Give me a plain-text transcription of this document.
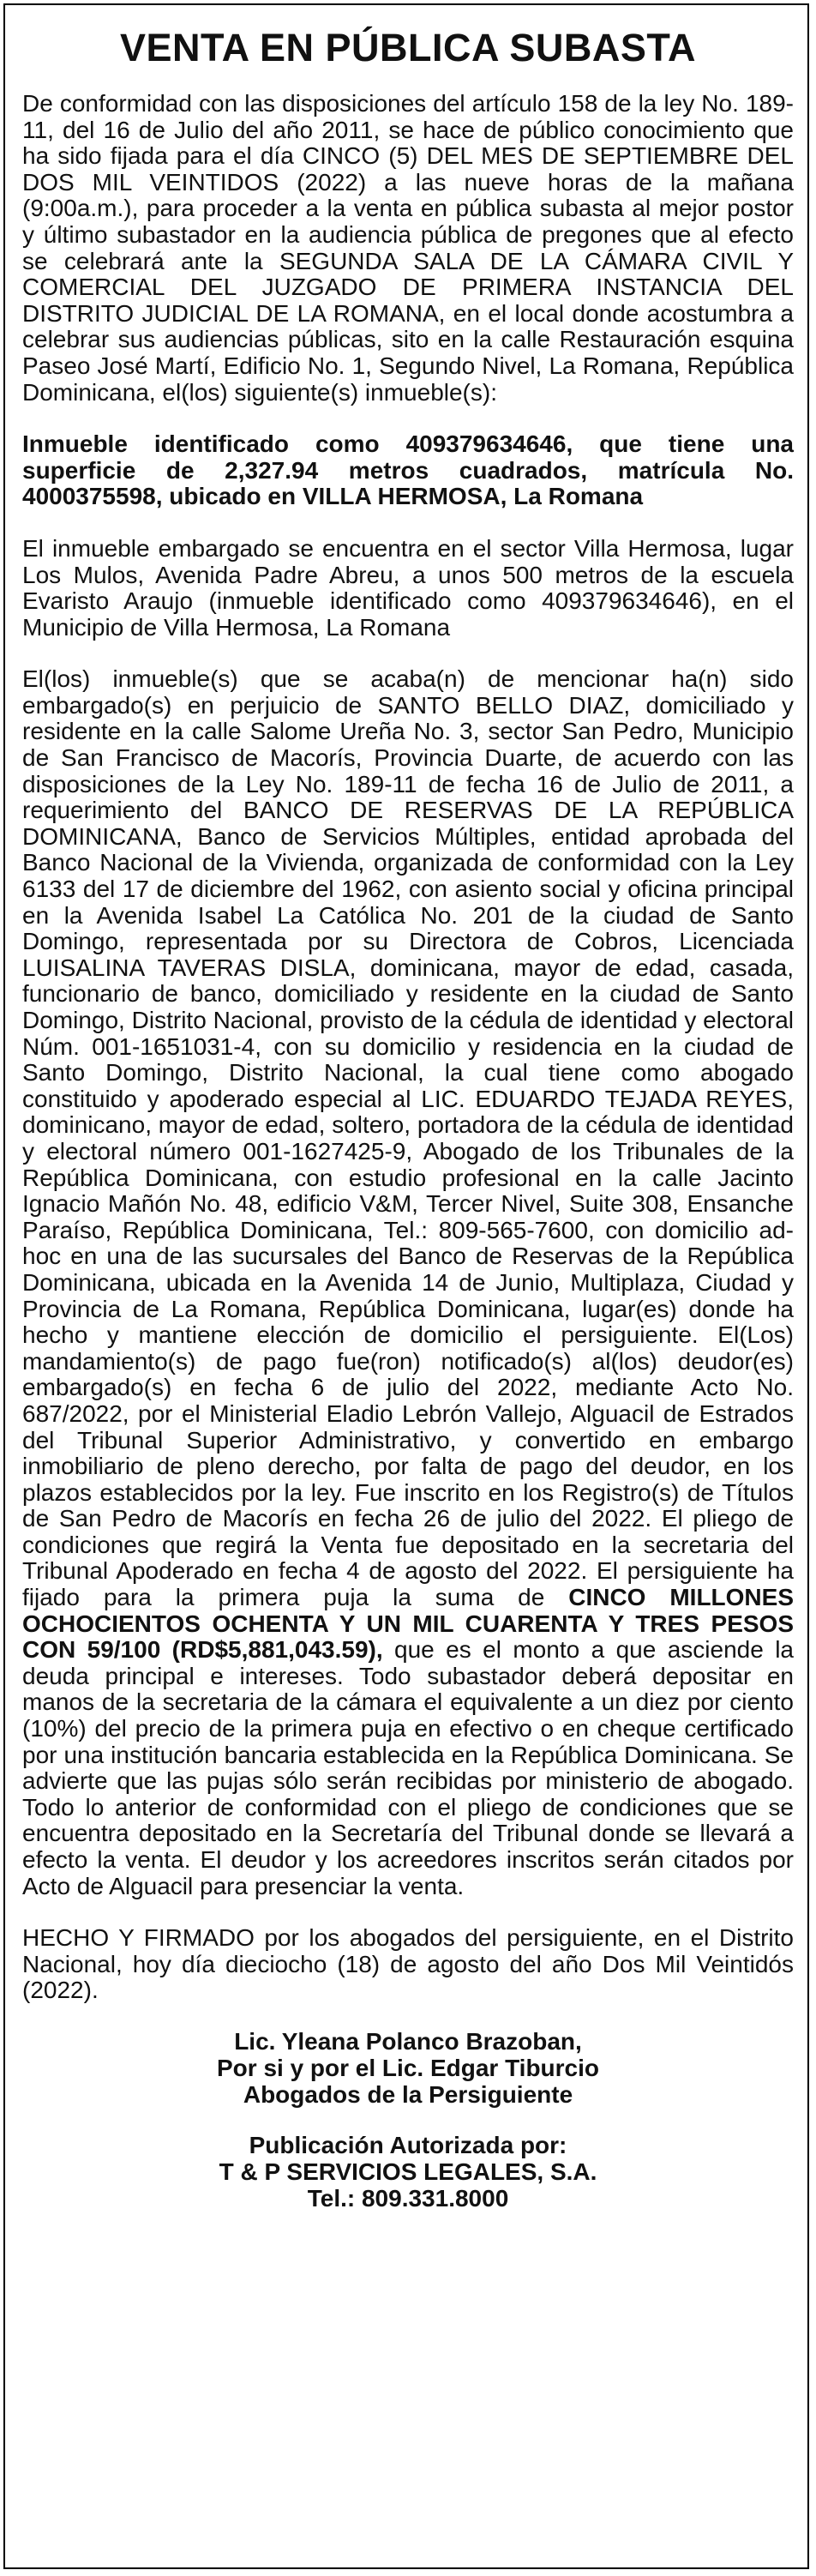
VENTA EN PÚBLICA SUBASTA

De conformidad con las disposiciones del artículo 158 de la ley No. 189-11, del 16 de Julio del año 2011, se hace de público conocimiento que ha sido fijada para el día CINCO (5) DEL MES DE SEPTIEMBRE DEL DOS MIL VEINTIDOS (2022) a las nueve horas de la mañana (9:00a.m.), para proceder a la venta en pública subasta al mejor postor y último subastador en la audiencia pública de pregones que al efecto se celebrará ante la SEGUNDA SALA DE LA CÁMARA CIVIL Y COMERCIAL DEL JUZGADO DE PRIMERA INSTANCIA DEL DISTRITO JUDICIAL DE LA ROMANA, en el local donde acostumbra a celebrar sus audiencias públicas, sito en la calle Restauración esquina Paseo José Martí, Edificio No. 1, Segundo Nivel, La Romana, República Dominicana, el(los) siguiente(s) inmueble(s):

Inmueble identificado como 409379634646, que tiene una superficie de 2,327.94 metros cuadrados, matrícula No. 4000375598, ubicado en VILLA HERMOSA, La Romana

El inmueble embargado se encuentra en el sector Villa Hermosa, lugar Los Mulos, Avenida Padre Abreu, a unos 500 metros de la escuela Evaristo Araujo (inmueble identificado como 409379634646), en el Municipio de Villa Hermosa, La Romana

El(los) inmueble(s) que se acaba(n) de mencionar ha(n) sido embargado(s) en perjuicio de SANTO BELLO DIAZ, domiciliado y residente en la calle Salome Ureña No. 3, sector San Pedro, Municipio de San Francisco de Macorís, Provincia Duarte, de acuerdo con las disposiciones de la Ley No. 189-11 de fecha 16 de Julio de 2011, a requerimiento del BANCO DE RESERVAS DE LA REPÚBLICA DOMINICANA, Banco de Servicios Múltiples, entidad aprobada del Banco Nacional de la Vivienda, organizada de conformidad con la Ley 6133 del 17 de diciembre del 1962, con asiento social y oficina principal en la Avenida Isabel La Católica No. 201 de la ciudad de Santo Domingo, representada por su Directora de Cobros, Licenciada LUISALINA TAVERAS DISLA, dominicana, mayor de edad, casada, funcionario de banco, domiciliado y residente en la ciudad de Santo Domingo, Distrito Nacional, provisto de la cédula de identidad y electoral Núm. 001-1651031-4, con su domicilio y residencia en la ciudad de Santo Domingo, Distrito Nacional, la cual tiene como abogado constituido y apoderado especial al LIC. EDUARDO TEJADA REYES, dominicano, mayor de edad, soltero, portadora de la cédula de identidad y electoral número 001-1627425-9, Abogado de los Tribunales de la República Dominicana, con estudio profesional en la calle Jacinto Ignacio Mañón No. 48, edificio V&M, Tercer Nivel, Suite 308, Ensanche Paraíso, República Dominicana, Tel.: 809-565-7600, con domicilio ad-hoc en una de las sucursales del Banco de Reservas de la República Dominicana, ubicada en la Avenida 14 de Junio, Multiplaza, Ciudad y Provincia de La Romana, República Dominicana, lugar(es) donde ha hecho y mantiene elección de domicilio el persiguiente. El(Los) mandamiento(s) de pago fue(ron) notificado(s) al(los) deudor(es) embargado(s) en fecha 6 de julio del 2022, mediante Acto No. 687/2022, por el Ministerial Eladio Lebrón Vallejo, Alguacil de Estrados del Tribunal Superior Administrativo, y convertido en embargo inmobiliario de pleno derecho, por falta de pago del deudor, en los plazos establecidos por la ley. Fue inscrito en los Registro(s) de Títulos de San Pedro de Macorís en fecha 26 de julio del 2022. El pliego de condiciones que regirá la Venta fue depositado en la secretaria del Tribunal Apoderado en fecha 4 de agosto del 2022. El persiguiente ha fijado para la primera puja la suma de CINCO MILLONES OCHOCIENTOS OCHENTA Y UN MIL CUARENTA Y TRES PESOS CON 59/100 (RD$5,881,043.59), que es el monto a que asciende la deuda principal e intereses. Todo subastador deberá depositar en manos de la secretaria de la cámara el equivalente a un diez por ciento (10%) del precio de la primera puja en efectivo o en cheque certificado por una institución bancaria establecida en la República Dominicana. Se advierte que las pujas sólo serán recibidas por ministerio de abogado. Todo lo anterior de conformidad con el pliego de condiciones que se encuentra depositado en la Secretaría del Tribunal donde se llevará a efecto la venta. El deudor y los acreedores inscritos serán citados por Acto de Alguacil para presenciar la venta.

HECHO Y FIRMADO por los abogados del persiguiente, en el Distrito Nacional, hoy día dieciocho (18) de agosto del año Dos Mil Veintidós (2022).

Lic. Yleana Polanco Brazoban,

Por si y por el Lic. Edgar Tiburcio

Abogados de la Persiguiente

Publicación Autorizada por:

T & P SERVICIOS LEGALES, S.A.

Tel.: 809.331.8000
